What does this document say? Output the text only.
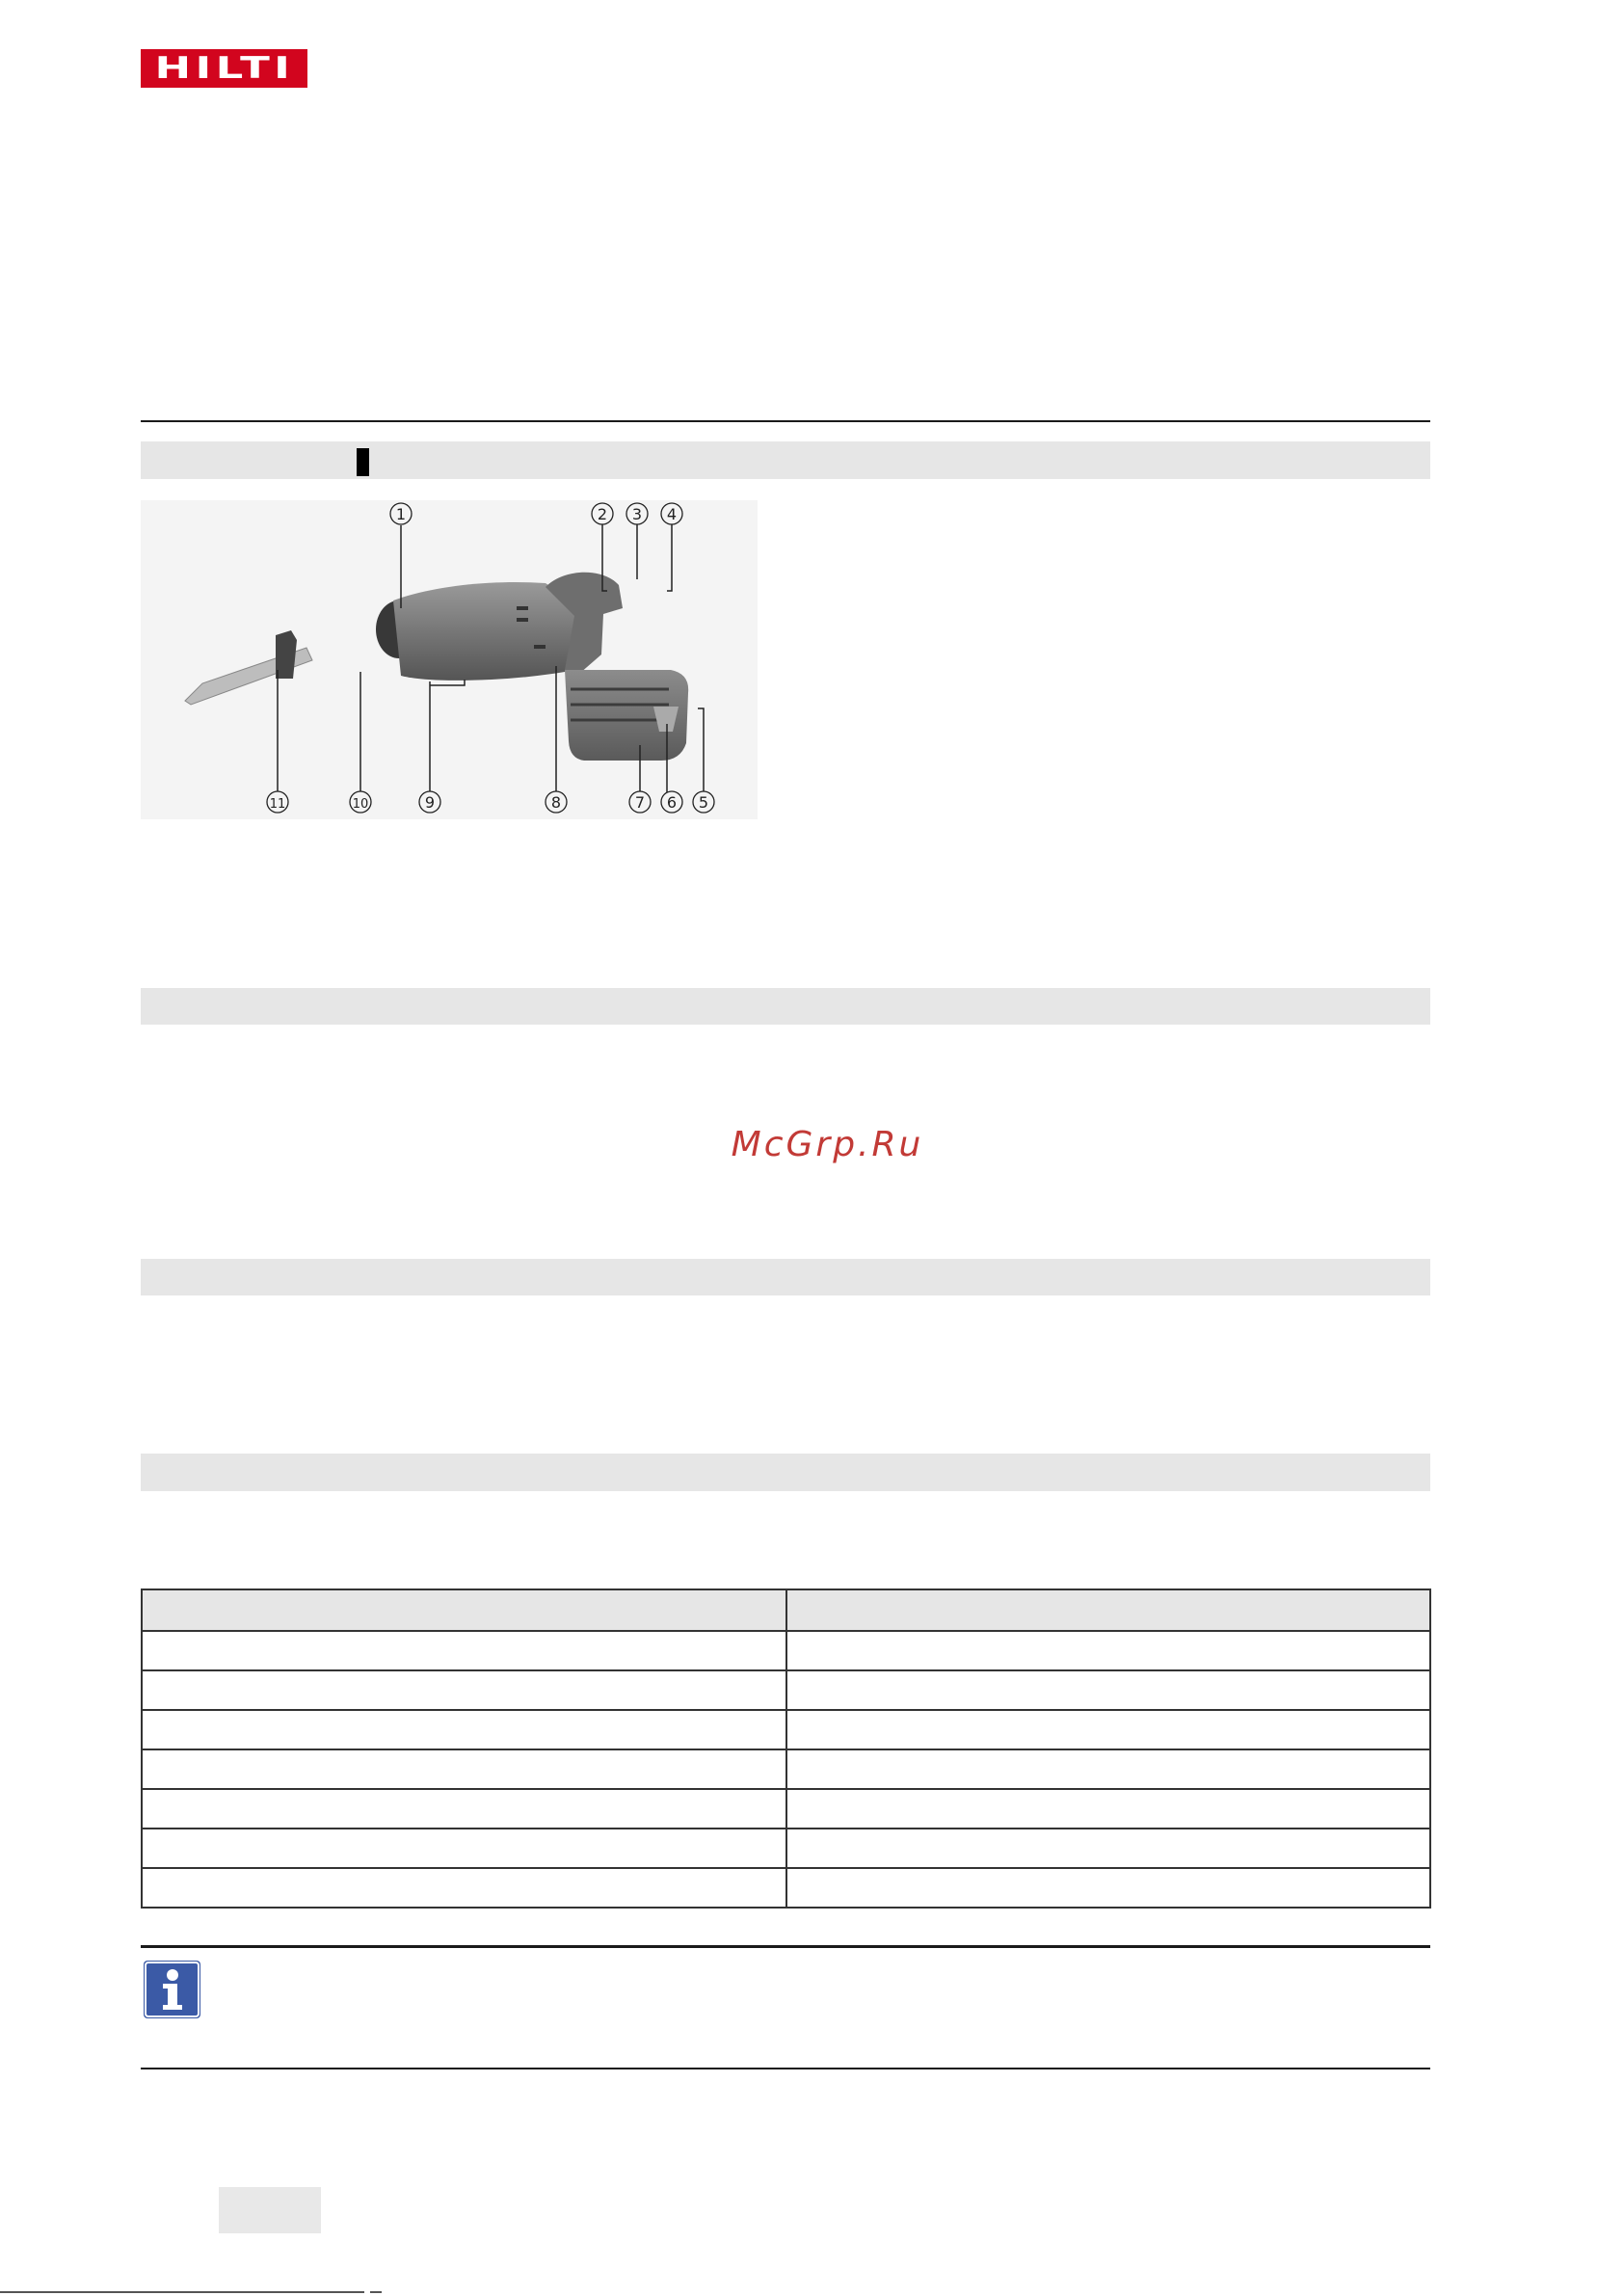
HILTI
1	2 3 4
5
6
7
8
9
10
11
McGrp.Ru
